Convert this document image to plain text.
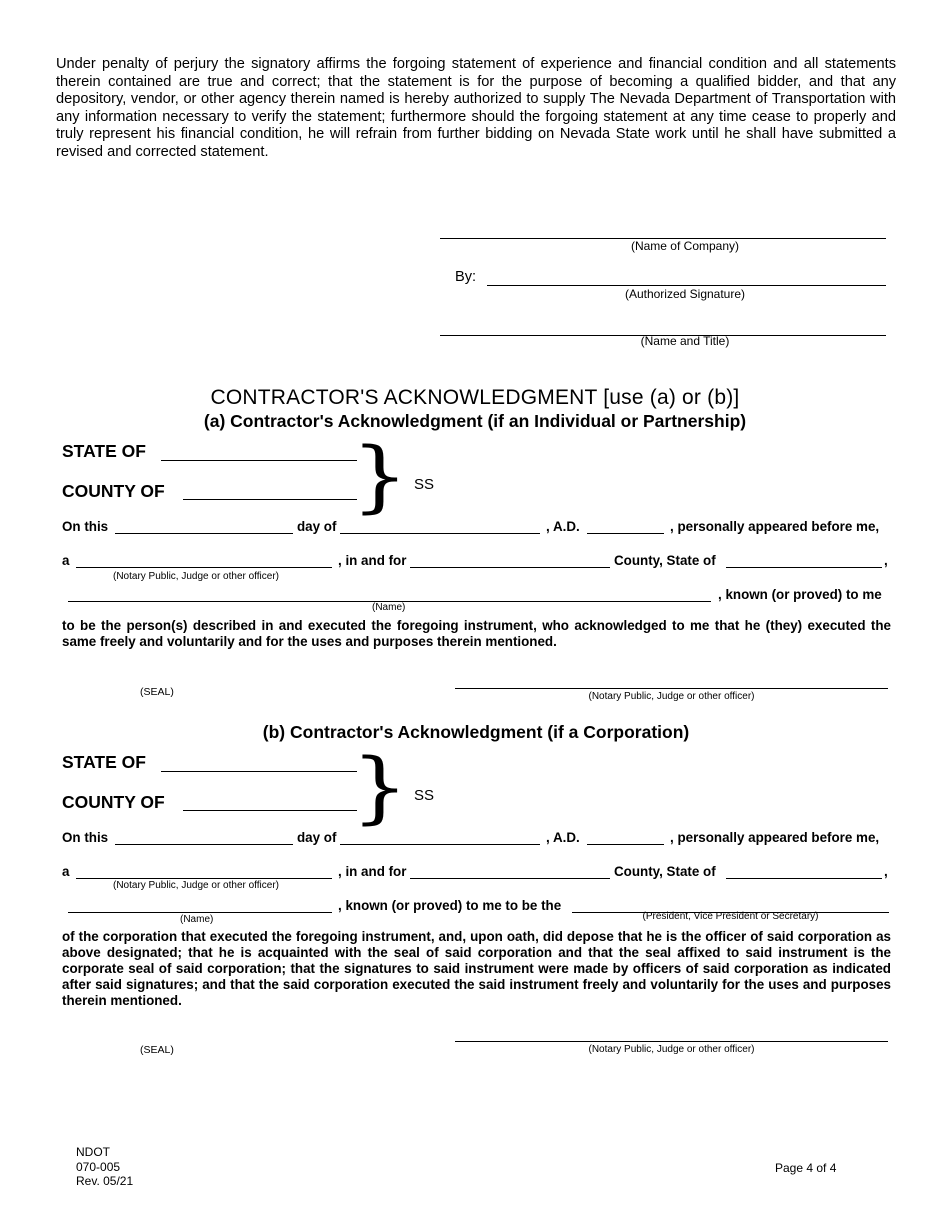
Under penalty of perjury the signatory affirms the forgoing statement of experience and financial condition and all statements therein contained are true and correct; that the statement is for the purpose of becoming a qualified bidder, and that any depository, vendor, or other agency therein named is hereby authorized to supply The Nevada Department of Transportation with any information necessary to verify the statement; furthermore should the forgoing statement at any time cease to properly and truly represent his financial condition, he will refrain from further bidding on Nevada State work until he shall have submitted a revised and corrected statement.
(Name of Company)
By:
(Authorized Signature)
(Name and Title)
CONTRACTOR'S ACKNOWLEDGMENT [use (a) or (b)]
(a) Contractor's Acknowledgment (if an Individual or Partnership)
STATE OF
COUNTY OF } SS
On this	day of	, A.D.	, personally appeared before me,
a
(Notary Public, Judge or other officer)
, in and for	County, State of	,
, known (or proved) to me
(Name)
to be the person(s) described in and executed the foregoing instrument, who acknowledged to me that he (they) executed the same freely and voluntarily and for the uses and purposes therein mentioned.
(SEAL)	(Notary Public, Judge or other officer)
(b) Contractor's Acknowledgment (if a Corporation)
STATE OF
COUNTY OF } SS
On this	day of	, A.D.	, personally appeared before me,
a
(Notary Public, Judge or other officer)
, in and for	County, State of	,
(Name)
, known (or proved) to me to be the
(President, Vice President or Secretary)
of the corporation that executed the foregoing instrument, and, upon oath, did depose that he is the officer of said corporation as above designated; that he is acquainted with the seal of said corporation and that the seal affixed to said instrument is the corporate seal of said corporation; that the signatures to said instrument were made by officers of said corporation as indicated after said signatures; and that the said corporation executed the said instrument freely and voluntarily for the uses and purposes therein mentioned.
(SEAL)	(Notary Public, Judge or other officer)
NDOT
070-005
Rev. 05/21
Page 4 of 4
